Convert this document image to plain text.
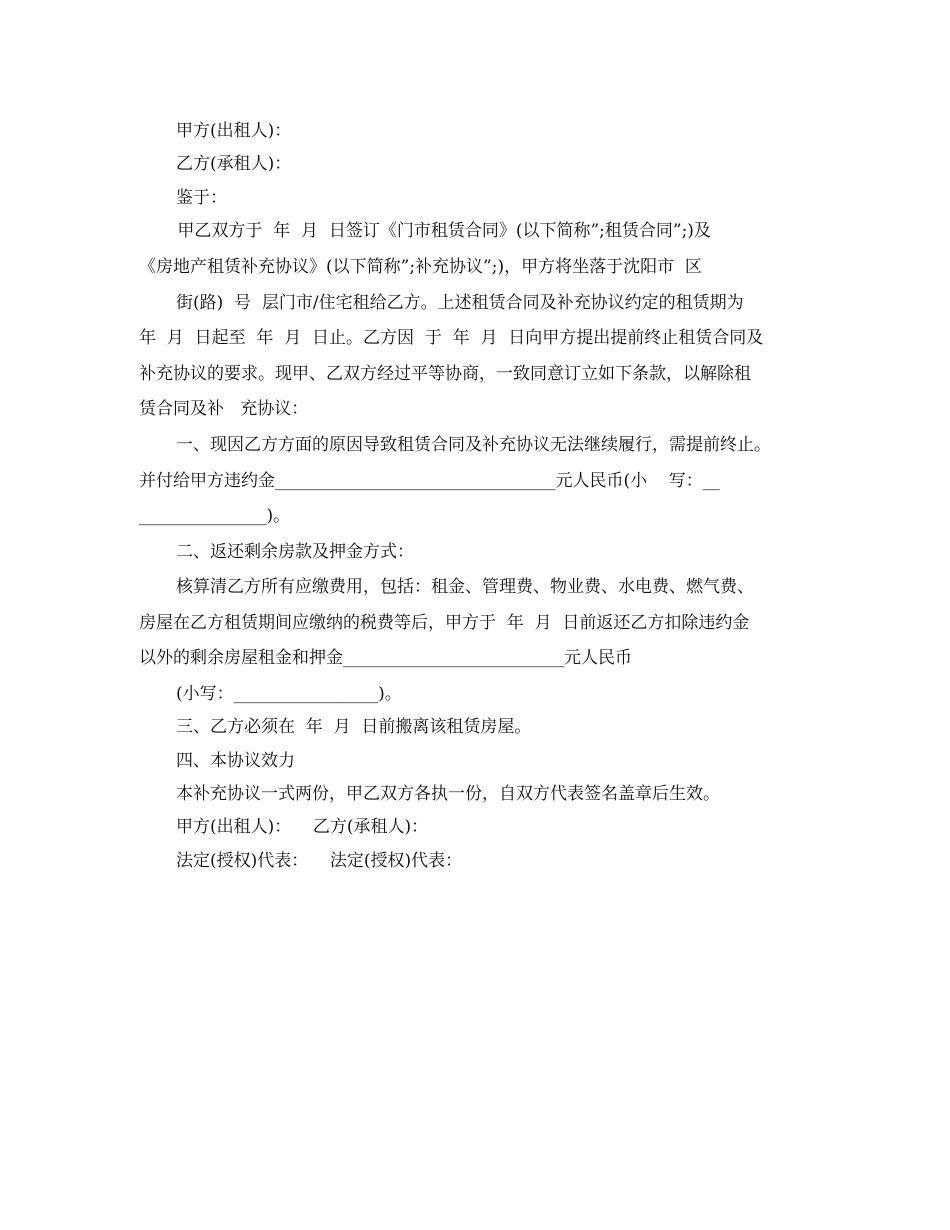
甲方(出租人)：
乙方(承租人)：
鉴于：
甲乙双方于  年  月  日签订《门市租赁合同》(以下简称”;租赁合同”;)及
《房地产租赁补充协议》(以下简称”;补充协议”;)，甲方将坐落于沈阳市  区
街(路)  号  层门市/住宅租给乙方。上述租赁合同及补充协议约定的租赁期为
年  月  日起至  年  月  日止。乙方因  于  年  月  日向甲方提出提前终止租赁合同及
补充协议的要求。现甲、乙双方经过平等协商，一致同意订立如下条款，以解除租
赁合同及补   充协议：
一、现因乙方方面的原因导致租赁合同及补充协议无法继续履行，需提前终止。
并付给甲方违约金_________________________________元人民币(小    写：__
_______________)。
二、返还剩余房款及押金方式：
核算清乙方所有应缴费用，包括：租金、管理费、物业费、水电费、燃气费、
房屋在乙方租赁期间应缴纳的税费等后，甲方于  年  月  日前返还乙方扣除违约金
以外的剩余房屋租金和押金__________________________元人民币
(小写：_________________)。
三、乙方必须在  年  月  日前搬离该租赁房屋。
四、本协议效力
本补充协议一式两份，甲乙双方各执一份，自双方代表签名盖章后生效。
甲方(出租人)：    乙方(承租人)：
法定(授权)代表：    法定(授权)代表：
